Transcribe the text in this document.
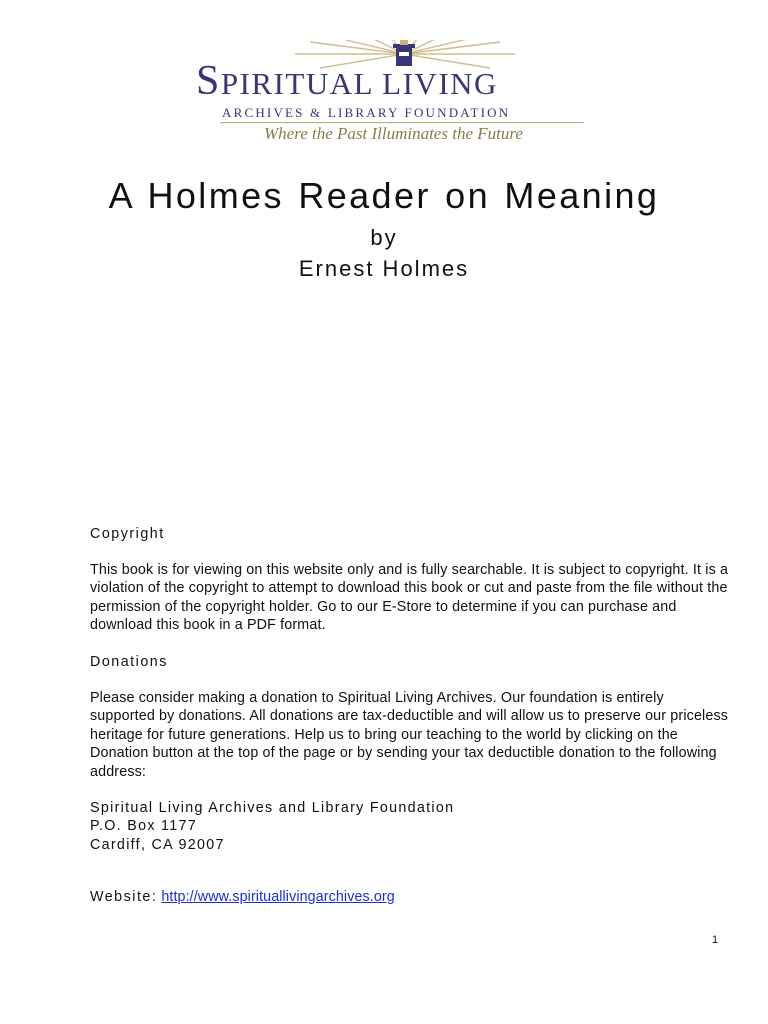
SPIRITUAL LIVING
ARCHIVES & LIBRARY FOUNDATION
Where the Past Illuminates the Future
A Holmes Reader on Meaning
by
Ernest Holmes
Copyright
This book is for viewing on this website only and is fully searchable. It is subject to copyright. It is a violation of the copyright to attempt to download this book or cut and paste from the file without the permission of the copyright holder. Go to our E-Store to determine if you can purchase and download this book in a PDF format.
Donations
Please consider making a donation to Spiritual Living Archives. Our foundation is entirely supported by donations. All donations are tax-deductible and will allow us to preserve our priceless heritage for future generations. Help us to bring our teaching to the world by clicking on the Donation button at the top of the page or by sending your tax deductible donation to the following address:
Spiritual Living Archives and Library Foundation
P.O. Box 1177
Cardiff, CA 92007
Website: http://www.spirituallivingarchives.org
1
